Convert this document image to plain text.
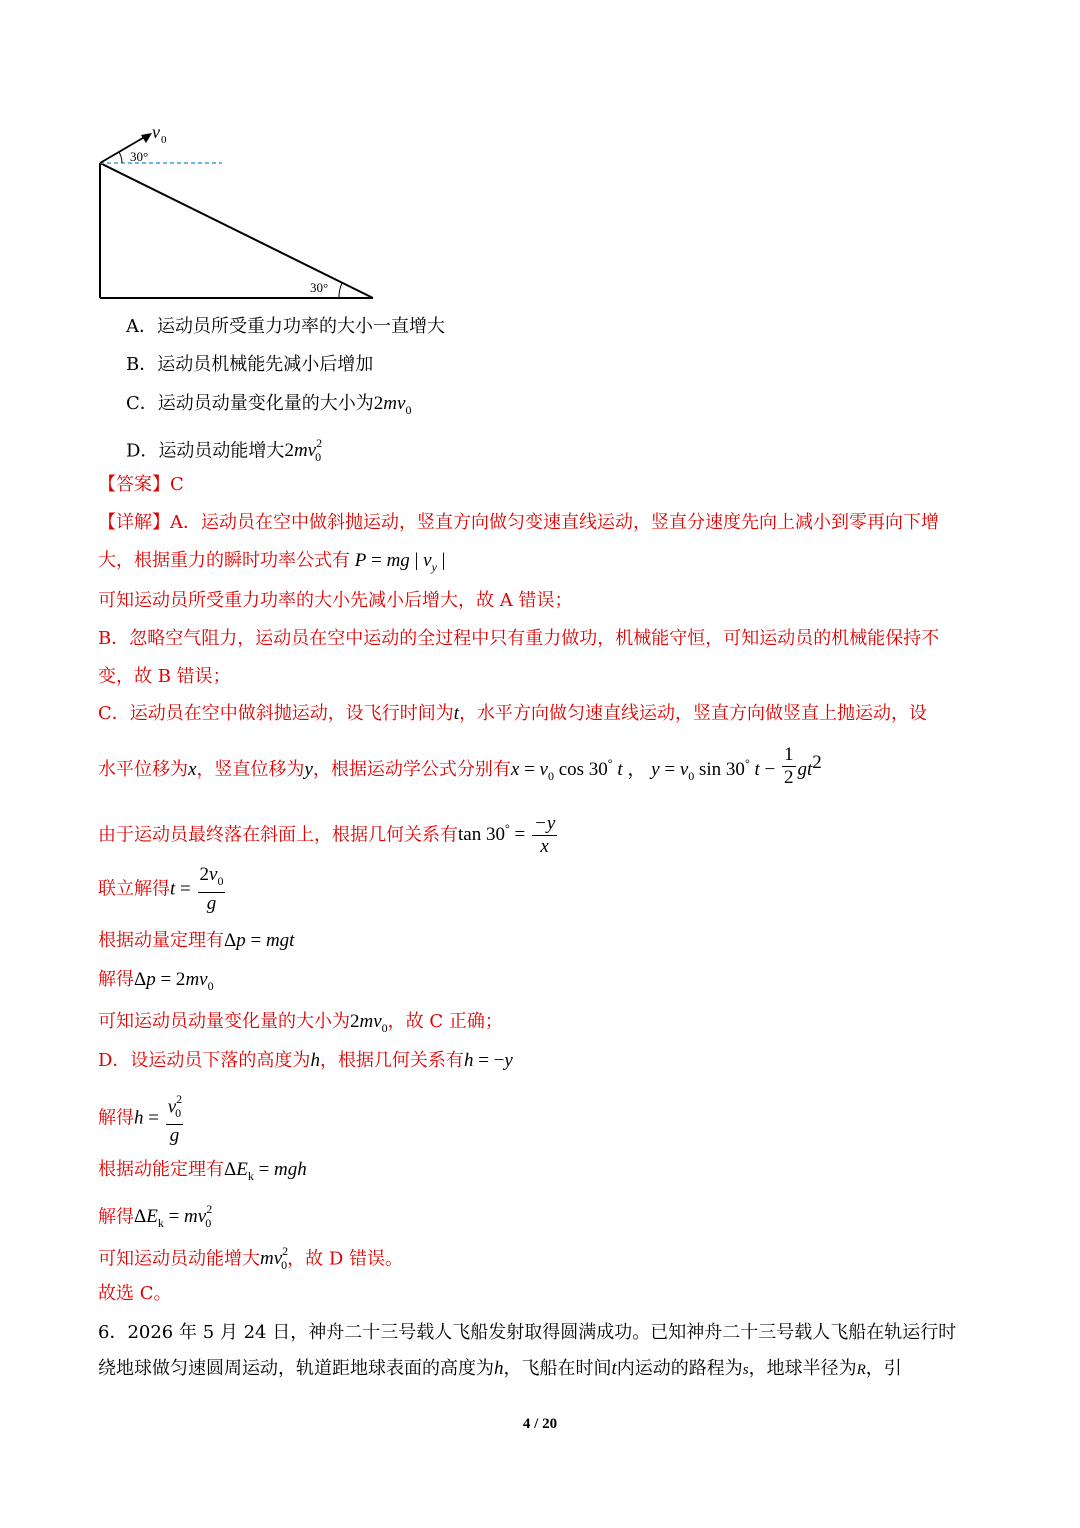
v 0
30°
30°
A．运动员所受重力功率的大小一直增大
B．运动员机械能先减小后增加
C．运动员动量变化量的大小为$2mv_0$
D．运动员动能增大$2mv^2_0$
【答案】C
【详解】A．运动员在空中做斜抛运动，竖直方向做匀变速直线运动，竖直分速度先向上减小到零再向下增
大，根据重力的瞬时功率公式有 P = mg | $v_y$ |
可知运动员所受重力功率的大小先减小后增大，故 A 错误；
B．忽略空气阻力，运动员在空中运动的全过程中只有重力做功，机械能守恒，可知运动员的机械能保持不
变，故 B 错误；
C．运动员在空中做斜抛运动，设飞行时间为t，水平方向做匀速直线运动，竖直方向做竖直上抛运动，设
水平位移为x，竖直位移为y，根据运动学公式分别有$x = v_0$ cos 30° t ， $y = v_0$ sin 30° $t - \frac{1}{2} gt^2$
由于运动员最终落在斜面上，根据几何关系有$\tan 30^\circ = \frac{-y}{x}$
联立解得$t = \frac{2v_0}{g}$
根据动量定理有Δp = mgt
解得$\Delta p = 2mv_0$
可知运动员动量变化量的大小为$2mv_0$，故 C 正确；
D．设运动员下落的高度为h，根据几何关系有h = −y
解得$h = \frac{v^2_0}{g}$
根据动能定理有$\Delta E_k$ = mgh
解得$\Delta E_k = mv^2_0$
可知运动员动能增大$mv^2_0$，故 D 错误。
故选 C。
6．2026 年 5 月 24 日，神舟二十三号载人飞船发射取得圆满成功。已知神舟二十三号载人飞船在轨运行时
绕地球做匀速圆周运动，轨道距地球表面的高度为h，飞船在时间t内运动的路程为s，地球半径为R，引
4 / 20
